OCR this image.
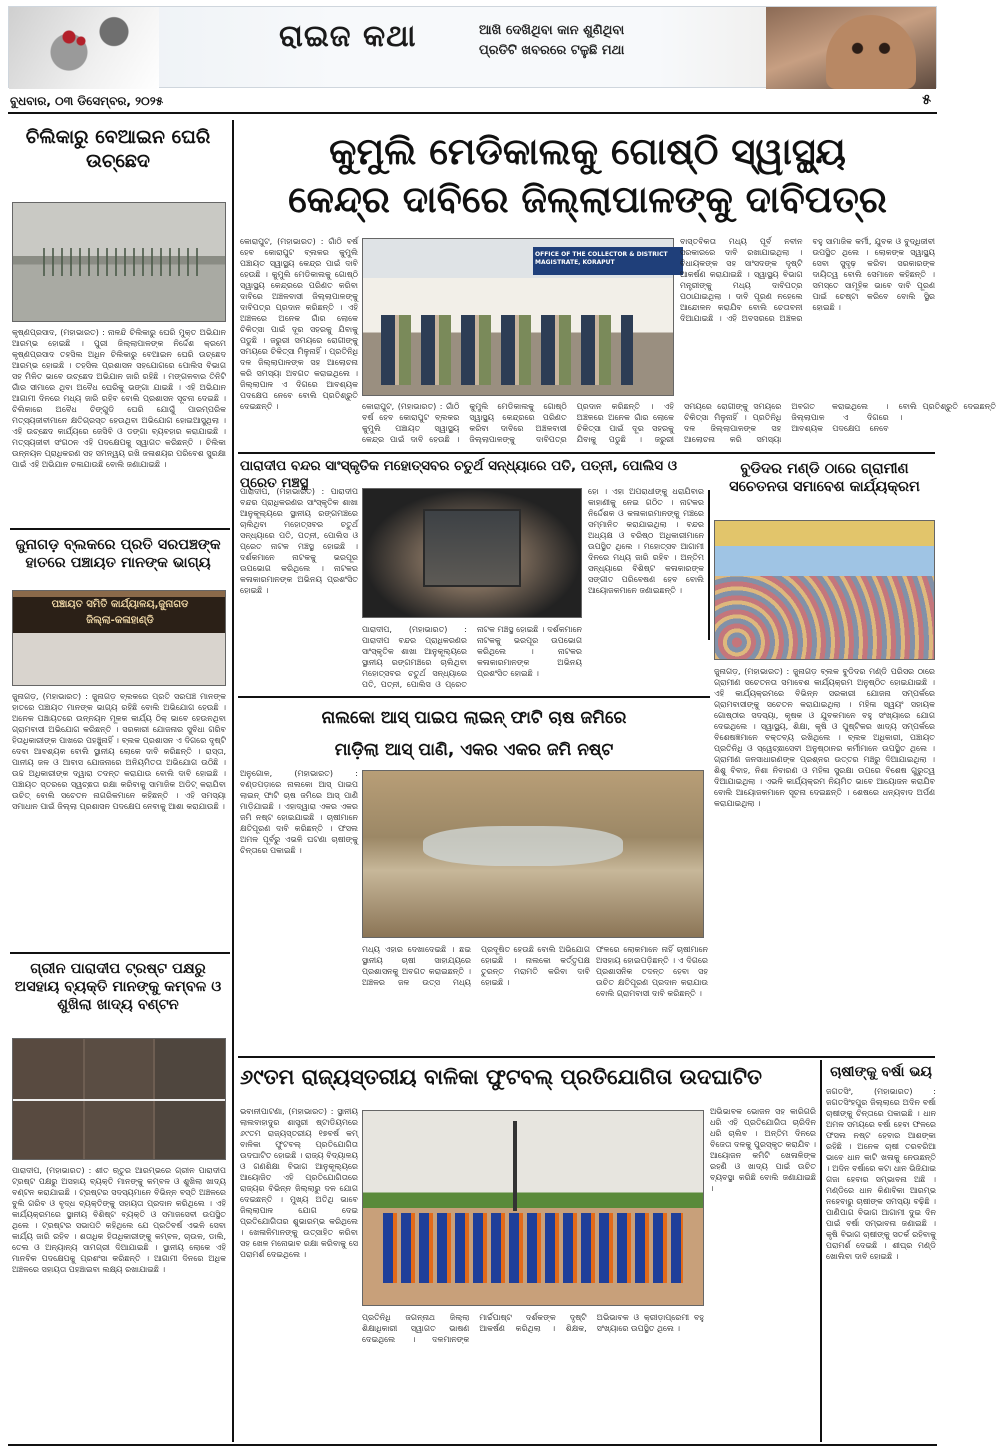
ରାଇଜ କଥା	ଆଖି ଦେଖିଥିବା କାନ ଶୁଣିଥିବା
ପ୍ରତିଟି ଖବରରେ ଟଳୁଛି ମଥା
ବୁଧବାର, ୦୩ ଡିସେମ୍ବର, ୨୦୨୫	୫
ଚିଲିକାରୁ ବେଆଇନ ଘେରି ଉଚ୍ଛେଦ
କୃଷ୍ଣପ୍ରସାଦ, (ମହାଭାରତ) : ନାଳନ୍ଦି ଚିଲିକାରୁ ଘେରି ମୁକ୍ତ ଅଭିଯାନ ଆରମ୍ଭ ହୋଇଛି । ପୁରୀ ଜିଲ୍ଲାପାଳଙ୍କ ନିର୍ଦ୍ଦେଶ କ୍ରମେ କୃଷ୍ଣପ୍ରସାଦ ତହସିଲ ଅଧିନ ଚିଲିକାରୁ ବେଆଇନ ଘେରି ଉଚ୍ଛେଦ ଆରମ୍ଭ ହୋଇଛି । ତହସିଲ ପ୍ରଶାସନ ସହଯୋଗରେ ପୋଲିସ ବିଭାଗ ସହ ମିଳିତ ଭାବେ ଉଚ୍ଛେଦ ଅଭିଯାନ ଜାରି ରହିଛି । ମଙ୍ଗଳବାର ତିନିଟି ଗାଁର ସୀମାରେ ଥିବା ଅବୈଧ ଘେରିକୁ ଭଙ୍ଗା ଯାଇଛି । ଏହି ଅଭିଯାନ ଆଗାମୀ ଦିନରେ ମଧ୍ୟ ଜାରି ରହିବ ବୋଲି ପ୍ରଶାସନ ସୂଚନା ଦେଇଛି । ଚିଲିକାରେ ଅବୈଧ ଚିଙ୍ଗୁଡି ଘେରି ଯୋଗୁଁ ପାରମ୍ପରିକ ମତ୍ସ୍ୟଜୀବୀମାନେ କ୍ଷତିଗ୍ରସ୍ତ ହେଉଥିବା ଅଭିଯୋଗ ହୋଇଆସୁଥିଲା । ଏହି ଉଚ୍ଛେଦ କାର୍ଯ୍ୟରେ ଜେସିବି ଓ ଡଙ୍ଗା ବ୍ୟବହାର କରାଯାଇଛି । ମତ୍ସ୍ୟଜୀବୀ ସଂଗଠନ ଏହି ପଦକ୍ଷେପକୁ ସ୍ୱାଗତ କରିଛନ୍ତି । ଚିଲିକା ଉନ୍ନୟନ ପ୍ରାଧିକରଣ ସହ ସମନ୍ୱୟ ରଖି ଜଳାଶୟର ପରିବେଶ ସୁରକ୍ଷା ପାଇଁ ଏହି ଅଭିଯାନ ଚଳାଯାଉଛି ବୋଲି ଜଣାଯାଇଛି ।
ଜୁନାଗଡ଼ ବ୍ଲକରେ ପ୍ରତି ସରପଞ୍ଚଙ୍କ ହାତରେ ପଞ୍ଚାୟତ ମାନଙ୍କ ଭାଗ୍ୟ
ପଞ୍ଚାୟତ ସମିତି କାର୍ଯ୍ୟାଳୟ,ଜୁନାଗଡ
ଜିଲ୍ଲା-କଳାହାଣ୍ଡି
ଜୁନାଗଡ଼, (ମହାଭାରତ) : ଜୁନାଗଡ଼ ବ୍ଲକରେ ପ୍ରତି ସରପଞ୍ଚ ମାନଙ୍କ ହାତରେ ପଞ୍ଚାୟତ ମାନଙ୍କ ଭାଗ୍ୟ ରହିଛି ବୋଲି ଅଭିଯୋଗ ହେଉଛି । ଅନେକ ପଞ୍ଚାୟତରେ ଉନ୍ନୟନ ମୂଳକ କାର୍ଯ୍ୟ ଠିକ୍ ଭାବେ ହେଉନଥିବା ଗ୍ରାମବାସୀ ଅଭିଯୋଗ କରିଛନ୍ତି । ସରକାରୀ ଯୋଜନାର ସୁବିଧା ଗରିବ ହିତାଧିକାରୀଙ୍କ ପାଖରେ ପହଞ୍ଚୁନାହିଁ । ବ୍ଲକ ପ୍ରଶାସନ ଏ ଦିଗରେ ଦୃଷ୍ଟି ଦେବା ଆବଶ୍ୟକ ବୋଲି ସ୍ଥାନୀୟ ଲୋକେ ଦାବି କରିଛନ୍ତି । ରାସ୍ତା, ପାନୀୟ ଜଳ ଓ ଆବାସ ଯୋଜନାରେ ଅନିୟମିତତା ଅଭିଯୋଗ ଉଠିଛି । ଉଚ୍ଚ ଅଧିକାରୀଙ୍କ ଦ୍ୱାରା ତଦନ୍ତ କରାଯାଉ ବୋଲି ଦାବି ହୋଇଛି । ପଞ୍ଚାୟତ ସ୍ତରରେ ସ୍ୱଚ୍ଛତା ରକ୍ଷା କରିବାକୁ ସାମାଜିକ ଅଡିଟ୍ କରାଯିବା ଉଚିତ୍ ବୋଲି ସଚେତନ ନାଗରିକମାନେ କହିଛନ୍ତି । ଏହି ସମସ୍ୟା ସମାଧାନ ପାଇଁ ଜିଲ୍ଲା ପ୍ରଶାସନ ପଦକ୍ଷେପ ନେବାକୁ ଆଶା କରାଯାଉଛି ।
ଗ୍ରୀନ ପାରାଦୀପ ଟ୍ରଷ୍ଟ ପକ୍ଷରୁ ଅସହାୟ ବ୍ୟକ୍ତି ମାନଙ୍କୁ କମ୍ବଳ ଓ ଶୁଖିଲା ଖାଦ୍ୟ ବଣ୍ଟନ
ପାରାଦୀପ, (ମହାଭାରତ) : ଶୀତ ଋତୁର ଆରମ୍ଭରେ ଗ୍ରୀନ ପାରାଦୀପ ଟ୍ରଷ୍ଟ ପକ୍ଷରୁ ଅସହାୟ ବ୍ୟକ୍ତି ମାନଙ୍କୁ କମ୍ବଳ ଓ ଶୁଖିଲା ଖାଦ୍ୟ ବଣ୍ଟନ କରାଯାଇଛି । ଟ୍ରଷ୍ଟର ସଦସ୍ୟମାନେ ବିଭିନ୍ନ ବସ୍ତି ଅଞ୍ଚଳରେ ବୁଲି ଗରିବ ଓ ବୃଦ୍ଧ ବ୍ୟକ୍ତିଙ୍କୁ ସହାୟତା ପ୍ରଦାନ କରିଥିଲେ । ଏହି କାର୍ଯ୍ୟକ୍ରମରେ ସ୍ଥାନୀୟ ବିଶିଷ୍ଟ ବ୍ୟକ୍ତି ଓ ସମାଜସେବୀ ଉପସ୍ଥିତ ଥିଲେ । ଟ୍ରଷ୍ଟର ସଭାପତି କହିଥିଲେ ଯେ ପ୍ରତିବର୍ଷ ଏଭଳି ସେବା କାର୍ଯ୍ୟ ଜାରି ରହିବ । ଶତାଧିକ ହିତାଧିକାରୀଙ୍କୁ କମ୍ବଳ, ଚାଉଳ, ଡାଲି, ତେଲ ଓ ଅନ୍ୟାନ୍ୟ ସାମଗ୍ରୀ ଦିଆଯାଇଛି । ସ୍ଥାନୀୟ ଲୋକେ ଏହି ମାନବିକ ପଦକ୍ଷେପକୁ ପ୍ରଶଂସା କରିଛନ୍ତି । ଆଗାମୀ ଦିନରେ ଅଧିକ ଅଞ୍ଚଳରେ ସହାୟତା ପହଞ୍ଚାଇବା ଲକ୍ଷ୍ୟ ରଖାଯାଇଛି ।
କୁମୁଲି ମେଡିକାଲକୁ ଗୋଷ୍ଠି ସ୍ୱାସ୍ଥ୍ୟ
କେନ୍ଦ୍ର ଦାବିରେ ଜିଲ୍ଲାପାଳଙ୍କୁ ଦାବିପତ୍ର
କୋରାପୁଟ, (ମହାଭାରତ) : ଗାଁଠି ବର୍ଷ ହେବ କୋରାପୁଟ ବ୍ଲକର କୁମୁଲି ପଞ୍ଚାୟତ ସ୍ୱାସ୍ଥ୍ୟ କେନ୍ଦ୍ର ପାଇଁ ଦାବି ହେଉଛି । କୁମୁଲି ମେଡିକାଲକୁ ଗୋଷ୍ଠି ସ୍ୱାସ୍ଥ୍ୟ କେନ୍ଦ୍ରରେ ପରିଣତ କରିବା ଦାବିରେ ଅଞ୍ଚଳବାସୀ ଜିଲ୍ଲାପାଳଙ୍କୁ ଦାବିପତ୍ର ପ୍ରଦାନ କରିଛନ୍ତି । ଏହି ଅଞ୍ଚଳରେ ଅନେକ ଗାଁର ଲୋକେ ଚିକିତ୍ସା ପାଇଁ ଦୂର ସହରକୁ ଯିବାକୁ ପଡୁଛି । ଜରୁରୀ ସମୟରେ ରୋଗୀଙ୍କୁ ସମୟରେ ଚିକିତ୍ସା ମିଳୁନାହିଁ । ପ୍ରତିନିଧି ଦଳ ଜିଲ୍ଲାପାଳଙ୍କ ସହ ଆଲୋଚନା କରି ସମସ୍ୟା ଅବଗତ କରାଇଥିଲେ । ଜିଲ୍ଲାପାଳ ଏ ଦିଗରେ ଆବଶ୍ୟକ ପଦକ୍ଷେପ ନେବେ ବୋଲି ପ୍ରତିଶ୍ରୁତି ଦେଇଛନ୍ତି ।
OFFICE OF THE COLLECTOR & DISTRICT MAGISTRATE, KORAPUT
କୋରାପୁଟ, (ମହାଭାରତ) : ଗାଁଠି ବର୍ଷ ହେବ କୋରାପୁଟ ବ୍ଲକର କୁମୁଲି ପଞ୍ଚାୟତ ସ୍ୱାସ୍ଥ୍ୟ କେନ୍ଦ୍ର ପାଇଁ ଦାବି ହେଉଛି । କୁମୁଲି ମେଡିକାଲକୁ ଗୋଷ୍ଠି ସ୍ୱାସ୍ଥ୍ୟ କେନ୍ଦ୍ରରେ ପରିଣତ କରିବା ଦାବିରେ ଅଞ୍ଚଳବାସୀ ଜିଲ୍ଲାପାଳଙ୍କୁ ଦାବିପତ୍ର ପ୍ରଦାନ କରିଛନ୍ତି । ଏହି ଅଞ୍ଚଳରେ ଅନେକ ଗାଁର ଲୋକେ ଚିକିତ୍ସା ପାଇଁ ଦୂର ସହରକୁ ଯିବାକୁ ପଡୁଛି । ଜରୁରୀ ସମୟରେ ରୋଗୀଙ୍କୁ ସମୟରେ ଚିକିତ୍ସା ମିଳୁନାହିଁ । ପ୍ରତିନିଧି ଦଳ ଜିଲ୍ଲାପାଳଙ୍କ ସହ ଆଲୋଚନା କରି ସମସ୍ୟା ଅବଗତ କରାଇଥିଲେ । ଜିଲ୍ଲାପାଳ ଏ ଦିଗରେ ଆବଶ୍ୟକ ପଦକ୍ଷେପ ନେବେ ବୋଲି ପ୍ରତିଶ୍ରୁତି ଦେଇଛନ୍ତି ।
ବାସ୍ତବିକତା ମଧ୍ୟ ପୂର୍ବ ନବୀନ ସରକାରରେ ଦାବି ରଖାଯାଇଥିଲା । ବିଧାୟକଙ୍କ ସହ ସାଂସଦଙ୍କ ଦୃଷ୍ଟି ଆକର୍ଷଣ କରାଯାଇଛି । ସ୍ୱାସ୍ଥ୍ୟ ବିଭାଗ ମନ୍ତ୍ରୀଙ୍କୁ ମଧ୍ୟ ଦାବିପତ୍ର ପଠାଯାଇଥିଲା । ଦାବି ପୂରଣ ନହେଲେ ଆନ୍ଦୋଳନ କରାଯିବ ବୋଲି ଚେତାବନୀ ଦିଆଯାଇଛି । ଏହି ଅବସରରେ ଅଞ୍ଚଳର ବହୁ ସାମାଜିକ କର୍ମୀ, ଯୁବକ ଓ ବୁଦ୍ଧିଜୀବୀ ଉପସ୍ଥିତ ଥିଲେ । ଲୋକଙ୍କ ସ୍ୱାସ୍ଥ୍ୟ ସେବା ସୁଦୃଢ଼ କରିବା ସରକାରଙ୍କ ଦାୟିତ୍ୱ ବୋଲି ସେମାନେ କହିଛନ୍ତି । ସମସ୍ତେ ସାମୂହିକ ଭାବେ ଦାବି ପୂରଣ ପାଇଁ ଚେଷ୍ଟା କରିବେ ବୋଲି ସ୍ଥିର ହୋଇଛି ।
ପାରାଦୀପ ବନ୍ଦର ସାଂସ୍କୃତିକ ମହୋତ୍ସବର ଚତୁର୍ଥ ସନ୍ଧ୍ୟାରେ ପତି, ପତ୍ନୀ, ପୋଲିସ ଓ ପ୍ରେତ ମଞ୍ଚସ୍ଥ
ପାରାଦୀପ, (ମହାଭାରତ) : ପାରାଦୀପ ବନ୍ଦର ପ୍ରାଧିକରଣର ସାଂସ୍କୃତିକ ଶାଖା ଆନୁକୂଲ୍ୟରେ ସ୍ଥାନୀୟ ରଙ୍ଗମଞ୍ଚରେ ଚାଲିଥିବା ମହୋତ୍ସବର ଚତୁର୍ଥ ସନ୍ଧ୍ୟାରେ ପତି, ପତ୍ନୀ, ପୋଲିସ ଓ ପ୍ରେତ ନାଟକ ମଞ୍ଚସ୍ଥ ହୋଇଛି । ଦର୍ଶକମାନେ ନାଟକକୁ ଭରପୂର ଉପଭୋଗ କରିଥିଲେ । ନାଟକର କଳାକାରମାନଙ୍କ ଅଭିନୟ ପ୍ରଶଂସିତ ହୋଇଛି ।
ପାରାଦୀପ, (ମହାଭାରତ) : ପାରାଦୀପ ବନ୍ଦର ପ୍ରାଧିକରଣର ସାଂସ୍କୃତିକ ଶାଖା ଆନୁକୂଲ୍ୟରେ ସ୍ଥାନୀୟ ରଙ୍ଗମଞ୍ଚରେ ଚାଲିଥିବା ମହୋତ୍ସବର ଚତୁର୍ଥ ସନ୍ଧ୍ୟାରେ ପତି, ପତ୍ନୀ, ପୋଲିସ ଓ ପ୍ରେତ ନାଟକ ମଞ୍ଚସ୍ଥ ହୋଇଛି । ଦର୍ଶକମାନେ ନାଟକକୁ ଭରପୂର ଉପଭୋଗ କରିଥିଲେ । ନାଟକର କଳାକାରମାନଙ୍କ ଅଭିନୟ ପ୍ରଶଂସିତ ହୋଇଛି ।
ହୋ । ଏହା ଅପରାଧୀଙ୍କୁ ଧରାଯିବାର କାହାଣୀକୁ ନେଇ ଗଠିତ । ନାଟକର ନିର୍ଦ୍ଦେଶକ ଓ କଳାକାରମାନଙ୍କୁ ମଞ୍ଚରେ ସମ୍ମାନିତ କରାଯାଇଥିଲା । ବନ୍ଦର ଅଧ୍ୟକ୍ଷ ଓ ବରିଷ୍ଠ ଅଧିକାରୀମାନେ ଉପସ୍ଥିତ ଥିଲେ । ମହୋତ୍ସବ ଆଗାମୀ ଦିନରେ ମଧ୍ୟ ଜାରି ରହିବ । ଅନ୍ତିମ ସନ୍ଧ୍ୟାରେ ବିଶିଷ୍ଟ କଳାକାରଙ୍କ ସଙ୍ଗୀତ ପରିବେଷଣ ହେବ ବୋଲି ଆୟୋଜକମାନେ ଜଣାଇଛନ୍ତି ।
ବୁଡିଦର ମଣ୍ଡି ଠାରେ ଗ୍ରାମୀଣ ସଚେତନତା ସମାବେଶ କାର୍ଯ୍ୟକ୍ରମ
ଜୁନାଗଡ଼, (ମହାଭାରତ) : ଜୁନାଗଡ଼ ବ୍ଲକ ବୁଡିଦର ମଣ୍ଡି ପରିସର ଠାରେ ଗ୍ରାମୀଣ ସଚେତନତା ସମାବେଶ କାର୍ଯ୍ୟକ୍ରମ ଅନୁଷ୍ଠିତ ହୋଇଯାଇଛି । ଏହି କାର୍ଯ୍ୟକ୍ରମରେ ବିଭିନ୍ନ ସରକାରୀ ଯୋଜନା ସମ୍ପର୍କରେ ଗ୍ରାମବାସୀଙ୍କୁ ସଚେତନ କରାଯାଇଥିଲା । ମହିଳା ସ୍ୱୟଂ ସହାୟକ ଗୋଷ୍ଠୀର ସଦସ୍ୟା, କୃଷକ ଓ ଯୁବକମାନେ ବହୁ ସଂଖ୍ୟାରେ ଯୋଗ ଦେଇଥିଲେ । ସ୍ୱାସ୍ଥ୍ୟ, ଶିକ୍ଷା, କୃଷି ଓ ପୁଷ୍ଟିକର ଖାଦ୍ୟ ସମ୍ପର୍କରେ ବିଶେଷଜ୍ଞମାନେ ବକ୍ତବ୍ୟ ରଖିଥିଲେ । ବ୍ଲକ ଅଧିକାରୀ, ପଞ୍ଚାୟତ ପ୍ରତିନିଧି ଓ ସ୍ୱେଚ୍ଛାସେବୀ ଅନୁଷ୍ଠାନର କର୍ମୀମାନେ ଉପସ୍ଥିତ ଥିଲେ । ଗ୍ରାମୀଣ ଜନସାଧାରଣଙ୍କ ପ୍ରଶ୍ନର ଉତ୍ତର ମଞ୍ଚରୁ ଦିଆଯାଇଥିଲା । ଶିଶୁ ବିବାହ, ନିଶା ନିବାରଣ ଓ ମହିଳା ସୁରକ୍ଷା ଉପରେ ବିଶେଷ ଗୁରୁତ୍ୱ ଦିଆଯାଇଥିଲା । ଏଭଳି କାର୍ଯ୍ୟକ୍ରମ ନିୟମିତ ଭାବେ ଆୟୋଜନ କରାଯିବ ବୋଲି ଆୟୋଜକମାନେ ସୂଚନା ଦେଇଛନ୍ତି । ଶେଷରେ ଧନ୍ୟବାଦ ଅର୍ପଣ କରାଯାଇଥିଲା ।
ନାଲକୋ ଆସ୍ ପାଇପ ଲାଇନ୍ ଫାଟି ଚାଷ ଜମିରେ
ମାଡ଼ିଲା ଆସ୍ ପାଣି, ଏକର ଏକର ଜମି ନଷ୍ଟ
ଅନୁଗୋଳ, (ମହାଭାରତ) : ବଣ୍ଡପଡ଼ାରେ ନାଲକୋ ଆସ୍ ପାଇପ ଲାଇନ୍ ଫାଟି ଚାଷ ଜମିରେ ଆସ୍ ପାଣି ମାଡ଼ିଯାଇଛି । ଏହାଦ୍ୱାରା ଏକର ଏକର ଜମି ନଷ୍ଟ ହୋଇଯାଇଛି । ଚାଷୀମାନେ କ୍ଷତିପୂରଣ ଦାବି କରିଛନ୍ତି । ଫସଲ ଅମଳ ପୂର୍ବରୁ ଏଭଳି ଘଟଣା ଚାଷୀଙ୍କୁ ଚିନ୍ତାରେ ପକାଇଛି ।
ମଧ୍ୟ ଏହାର ଦେଖାଦେଇଛି । ଛଇ ସ୍ଥାନୀୟ ଚାଷୀ ସାହାଯ୍ୟରେ ପ୍ରଶାସନକୁ ଅବଗତ କରାଇଛନ୍ତି । ଅଞ୍ଚଳର ଜଳ ଉତ୍ସ ମଧ୍ୟ ପ୍ରଦୂଷିତ ହେଉଛି ବୋଲି ଅଭିଯୋଗ ହୋଇଛି । ନାଲକୋ କର୍ତ୍ତୃପକ୍ଷ ତୁରନ୍ତ ମରାମତି କରିବା ଦାବି ହୋଇଛି ।
ଫଳରେ ଲୋକମାନେ ନାହିଁ ଚାଷୀମାନେ ଅସହାୟ ହୋଇପଡ଼ିଛନ୍ତି । ଏ ଦିଗରେ ପ୍ରଶାସନିକ ତଦନ୍ତ ହେବା ସହ ଉଚିତ କ୍ଷତିପୂରଣ ପ୍ରଦାନ କରାଯାଉ ବୋଲି ଗ୍ରାମବାସୀ ଦାବି କରିଛନ୍ତି ।
୬୯ତମ ରାଜ୍ୟସ୍ତରୀୟ ବାଳିକା ଫୁଟବଲ୍ ପ୍ରତିଯୋଗିତା ଉଦଘାଟିତ
ଭବାନୀପାଟଣା, (ମହାଭାରତ) : ସ୍ଥାନୀୟ ଲାଲବାହାଦୁର ଶାସ୍ତ୍ରୀ ଷ୍ଟାଡିୟମରେ ୬୯ତମ ରାଜ୍ୟସ୍ତରୀୟ ୧୭ବର୍ଷ କମ୍ ବାଳିକା ଫୁଟବଲ୍ ପ୍ରତିଯୋଗିତା ଉଦଘାଟିତ ହୋଇଛି । ରାଜ୍ୟ ବିଦ୍ୟାଳୟ ଓ ଗଣଶିକ୍ଷା ବିଭାଗ ଆନୁକୂଲ୍ୟରେ ଆୟୋଜିତ ଏହି ପ୍ରତିଯୋଗିତାରେ ରାଜ୍ୟର ବିଭିନ୍ନ ଜିଲ୍ଲାରୁ ଦଳ ଯୋଗ ଦେଇଛନ୍ତି । ମୁଖ୍ୟ ଅତିଥି ଭାବେ ଜିଲ୍ଲାପାଳ ଯୋଗ ଦେଇ ପ୍ରତିଯୋଗିତାର ଶୁଭାରମ୍ଭ କରିଥିଲେ । ଖେଳାଳିମାନଙ୍କୁ ଉତ୍ସାହିତ କରିବା ସହ ଖେଳ ମନୋଭାବ ରକ୍ଷା କରିବାକୁ ସେ ପରାମର୍ଶ ଦେଇଥିଲେ ।
ପ୍ରତିନିଧି ଜଗନ୍ନାଥ ଜିଲ୍ଲା ଶିକ୍ଷାଧିକାରୀ ସ୍ୱାଗତ ଭାଷଣ ଦେଇଥିଲେ । ଦଳମାନଙ୍କ ମାର୍ଚ୍ଚପାଷ୍ଟ ଦର୍ଶକଙ୍କ ଦୃଷ୍ଟି ଆକର୍ଷଣ କରିଥିଲା । ଶିକ୍ଷକ, ଅଭିଭାବକ ଓ କ୍ରୀଡ଼ାପ୍ରେମୀ ବହୁ ସଂଖ୍ୟାରେ ଉପସ୍ଥିତ ଥିଲେ ।
ଅଭିଭାବକ ଭୋଜନ ସହ କାରିଗରି ଧରି ଏହି ପ୍ରତିଯୋଗିତା ଚାରିଦିନ ଧରି ଚାଲିବ । ଅନ୍ତିମ ଦିନରେ ବିଜେତା ଦଳକୁ ପୁରସ୍କୃତ କରାଯିବ । ଆୟୋଜନ କମିଟି ଖେଳାଳିଙ୍କ ରହଣି ଓ ଖାଦ୍ୟ ପାଇଁ ଉଚିତ ବ୍ୟବସ୍ଥା କରିଛି ବୋଲି ଜଣାଯାଇଛି ।
ଚାଷୀଙ୍କୁ ବର୍ଷା ଭୟ
ଜଗତସିଂ, (ମହାଭାରତ) : ଜଗତସିଂହପୁର ଜିଲ୍ଲାରେ ଅଦିନ ବର୍ଷା ଚାଷୀଙ୍କୁ ଚିନ୍ତାରେ ପକାଇଛି । ଧାନ ଅମଳ ସମୟରେ ବର୍ଷା ହେବା ଫଳରେ ଫସଲ ନଷ୍ଟ ହେବାର ଆଶଙ୍କା ରହିଛି । ଅନେକ ଚାଷୀ ତରବରିଆ ଭାବେ ଧାନ କାଟି ଖଳାକୁ ନେଉଛନ୍ତି । ଅଦିନ ବର୍ଷାରେ କଟା ଧାନ ଭିଜିଯାଇ ଗଜା ହେବାର ସମ୍ଭାବନା ଅଛି । ମଣ୍ଡିରେ ଧାନ କିଣାବିକା ଆରମ୍ଭ ନହେବାରୁ ଚାଷୀଙ୍କ ସମସ୍ୟା ବଢ଼ିଛି । ପାଣିପାଗ ବିଭାଗ ଆଗାମୀ ଦୁଇ ଦିନ ପାଇଁ ବର୍ଷା ସମ୍ଭାବନା ଜଣାଇଛି । କୃଷି ବିଭାଗ ଚାଷୀଙ୍କୁ ସତର୍କ ରହିବାକୁ ପରାମର୍ଶ ଦେଇଛି । ଶୀଘ୍ର ମଣ୍ଡି ଖୋଲିବା ଦାବି ହୋଇଛି ।
